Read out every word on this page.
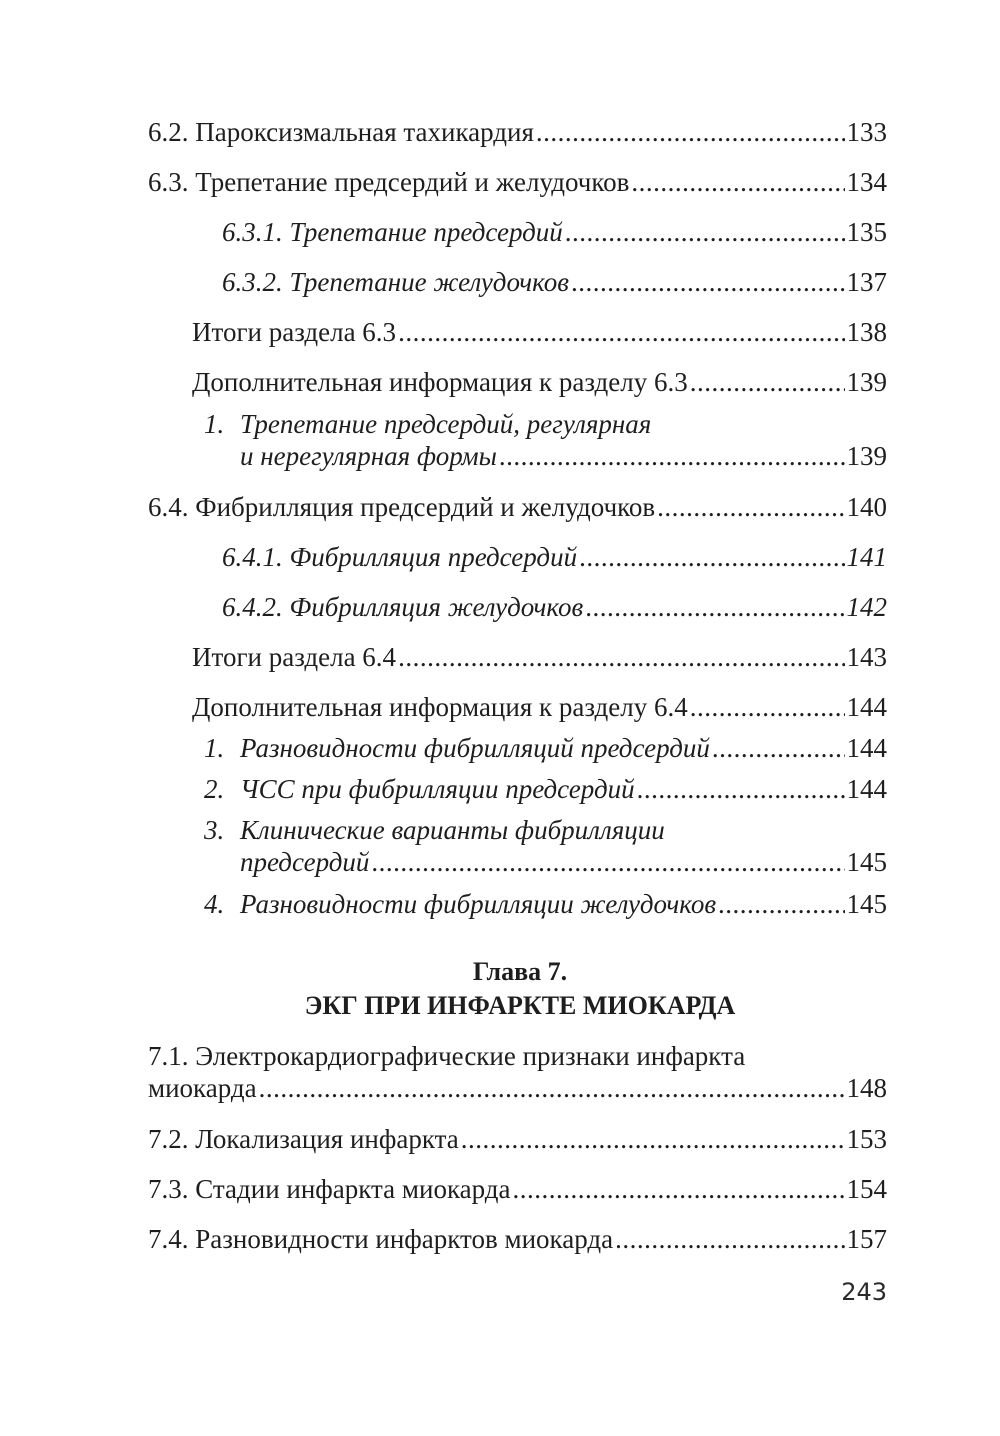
6.2. Пароксизмальная тахикардия .....	133
6.3. Трепетание предсердий и желудочков .....	134
6.3.1. Трепетание предсердий .....	135
6.3.2. Трепетание желудочков .....	137
Итоги раздела 6.3 .....	138
Дополнительная информация к разделу 6.3 .....	139
1. Трепетание предсердий, регулярная
и нерегулярная формы .....	139
6.4. Фибрилляция предсердий и желудочков .....	140
6.4.1. Фибрилляция предсердий .....	141
6.4.2. Фибрилляция желудочков .....	142
Итоги раздела 6.4 .....	143
Дополнительная информация к разделу 6.4 .....	144
1. Разновидности фибрилляций предсердий .....	144
2. ЧСС при фибрилляции предсердий .....	144
3. Клинические варианты фибрилляции
предсердий .....	145
4. Разновидности фибрилляции желудочков .....	145
Глава 7.
ЭКГ ПРИ ИНФАРКТЕ МИОКАРДА
7.1. Электрокардиографические признаки инфаркта
миокарда .....	148
7.2. Локализация инфаркта .....	153
7.3. Стадии инфаркта миокарда .....	154
7.4. Разновидности инфарктов миокарда .....	157
243
